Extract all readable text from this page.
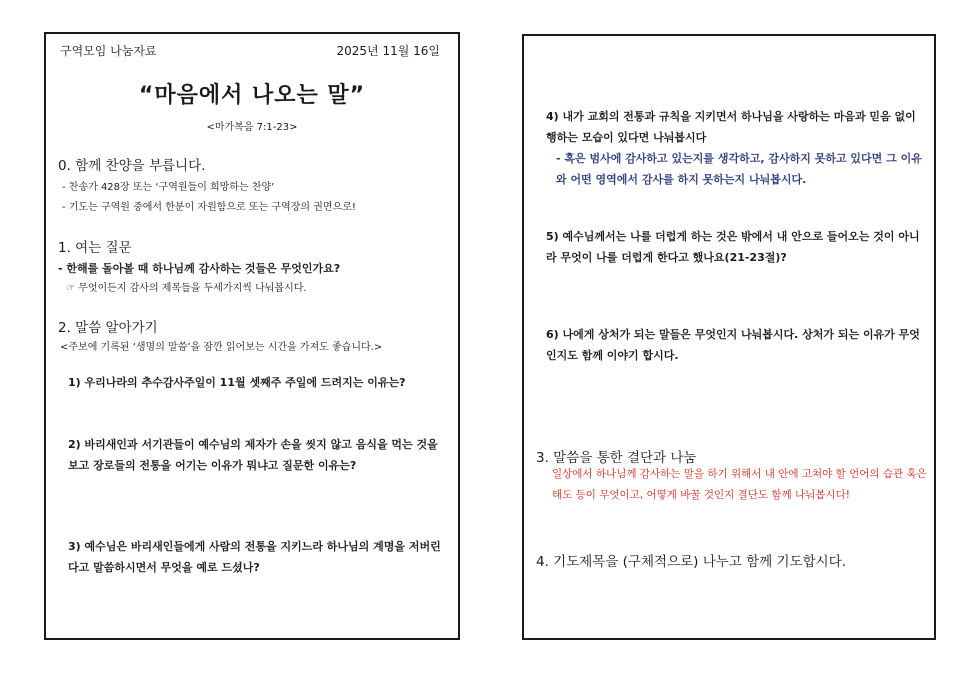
구역모임 나눔자료	2025년 11월 16일
“마음에서 나오는 말”
<마가복음 7:1-23>
0. 함께 찬양을 부릅니다.
- 찬송가 428장 또는 ‘구역원들이 희망하는 찬양’
- 기도는 구역원 중에서 한분이 자원함으로 또는 구역장의 권면으로!
1. 여는 질문
- 한해를 돌아볼 때 하나님께 감사하는 것들은 무엇인가요?
☞ 무엇이든지 감사의 제목들을 두세가지씩 나눠봅시다.
2. 말씀 알아가기
<주보에 기록된 ‘생명의 말씀’을 잠깐 읽어보는 시간을 가져도 좋습니다.>
1) 우리나라의 추수감사주일이 11월 셋째주 주일에 드려지는 이유는?
2) 바리새인과 서기관들이 예수님의 제자가 손을 씻지 않고 음식을 먹는 것을 보고 장로들의 전통을 어기는 이유가 뭐냐고 질문한 이유는?
3) 예수님은 바리새인들에게 사람의 전통을 지키느라 하나님의 계명을 저버린다고 말씀하시면서 무엇을 예로 드셨나?
4) 내가 교회의 전통과 규칙을 지키면서 하나님을 사랑하는 마음과 믿음 없이 행하는 모습이 있다면 나눠봅시다
- 혹은 범사에 감사하고 있는지를 생각하고, 감사하지 못하고 있다면 그 이유와 어떤 영역에서 감사를 하지 못하는지 나눠봅시다.
5) 예수님께서는 나를 더럽게 하는 것은 밖에서 내 안으로 들어오는 것이 아니라 무엇이 나를 더럽게 한다고 했나요(21-23절)?
6) 나에게 상처가 되는 말들은 무엇인지 나눠봅시다. 상처가 되는 이유가 무엇인지도 함께 이야기 합시다.
3. 말씀을 통한 결단과 나눔
일상에서 하나님께 감사하는 말을 하기 위해서 내 안에 고쳐야 할 언어의 습관 혹은 태도 등이 무엇이고, 어떻게 바꿀 것인지 결단도 함께 나눠봅시다!
4. 기도제목을 (구체적으로) 나누고 함께 기도합시다.
